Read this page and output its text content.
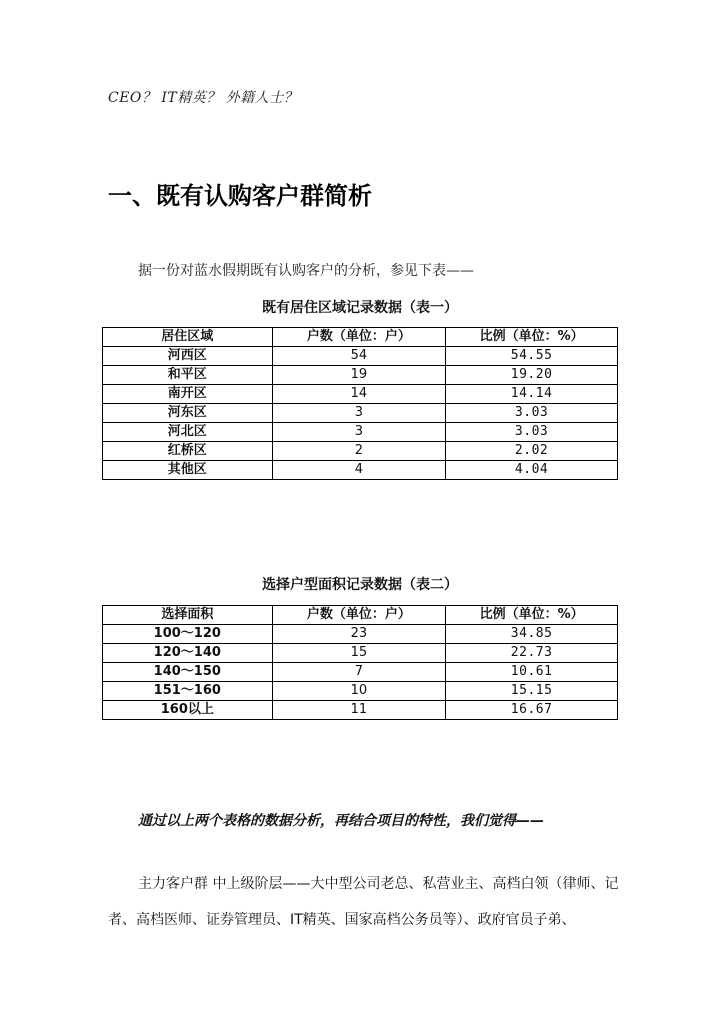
CEO？ IT精英？ 外籍人士？
一、既有认购客户群简析
据一份对蓝水假期既有认购客户的分析，参见下表——
既有居住区域记录数据（表一）
居住区域	户数（单位：户）	比例（单位：%）
河西区	54	54.55
和平区	19	19.20
南开区	14	14.14
河东区	3	3.03
河北区	3	3.03
红桥区	2	2.02
其他区	4	4.04
选择户型面积记录数据（表二）
选择面积	户数（单位：户）	比例（单位：%）
100～120	23	34.85
120～140	15	22.73
140～150	7	10.61
151～160	10	15.15
160以上	11	16.67
通过以上两个表格的数据分析，再结合项目的特性，我们觉得——
主力客户群 中上级阶层——大中型公司老总、私营业主、高档白领（律师、记者、高档医师、证券管理员、IT精英、国家高档公务员等）、政府官员子弟、
